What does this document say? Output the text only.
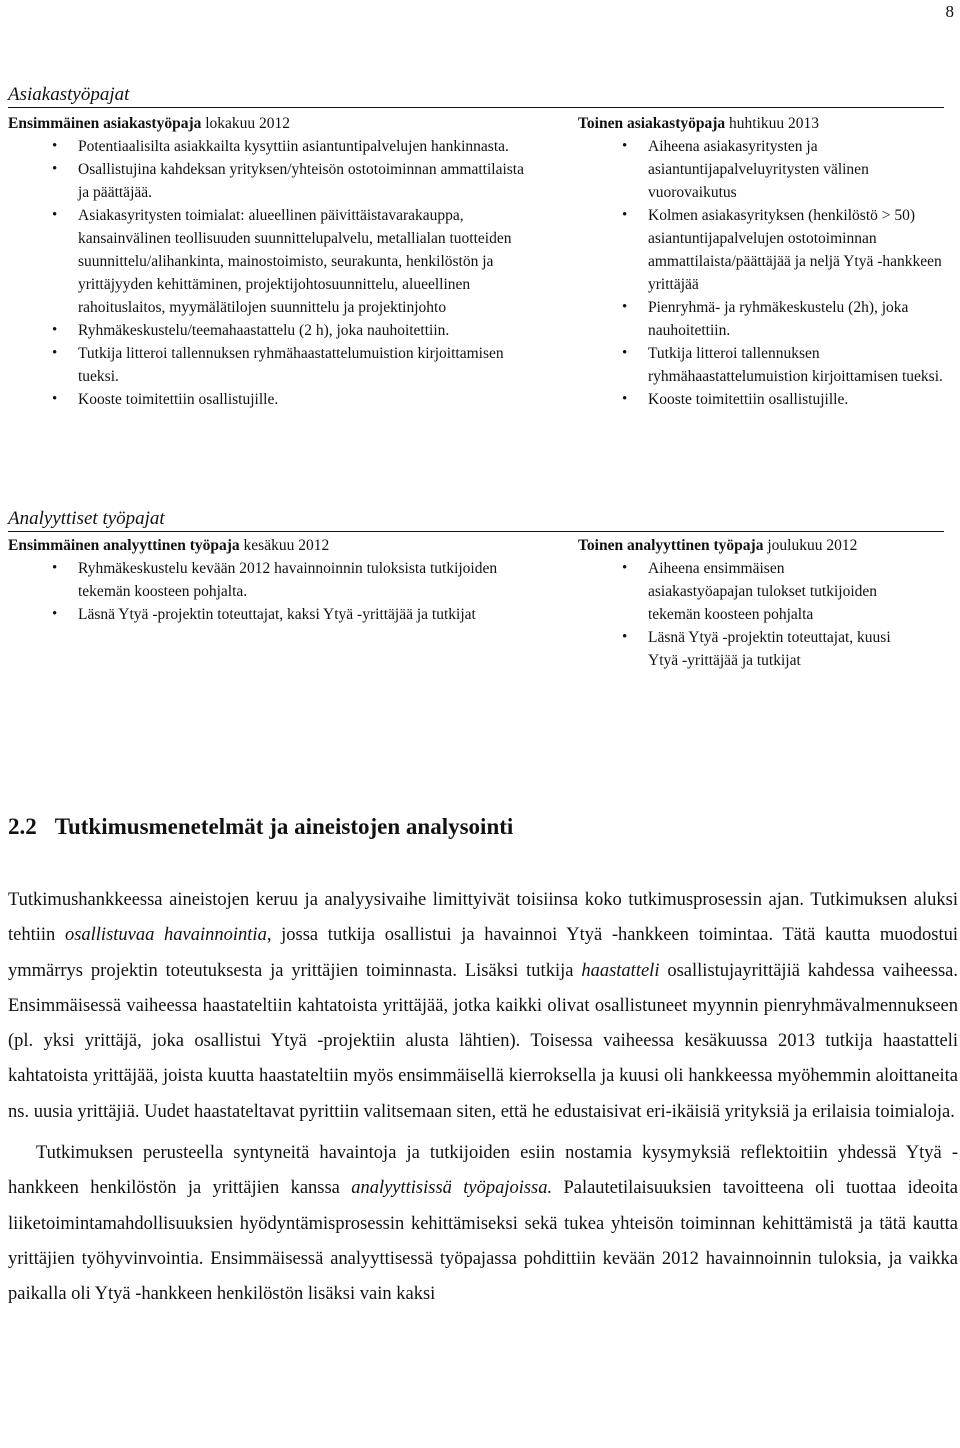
8
Asiakastyöpajat
Ensimmäinen asiakastyöpaja lokakuu 2012
• Potentiaalisilta asiakkailta kysyttiin asiantuntipalvelujen hankinnasta.
• Osallistujina kahdeksan yrityksen/yhteisön ostotoiminnan ammattilaista ja päättäjää.
• Asiakasyritysten toimialat: alueellinen päivittäistavarakauppa, kansainvälinen teollisuuden suunnittelupalvelu, metallialan tuotteiden suunnittelu/alihankinta, mainostoimisto, seurakunta, henkilöstön ja yrittäjyyden kehittäminen, projektijohtosuunnittelu, alueellinen rahoituslaitos, myymälätilojen suunnittelu ja projektinjohto
• Ryhmäkeskustelu/teemahaastattelu (2 h), joka nauhoitettiin.
• Tutkija litteroi tallennuksen ryhmähaastattelumuistion kirjoittamisen tueksi.
• Kooste toimitettiin osallistujille.
Toinen asiakastyöpaja huhtikuu 2013
• Aiheena asiakasyritysten ja asiantuntijapalveluyritysten välinen vuorovaikutus
• Kolmen asiakasyrityksen (henkilöstö > 50) asiantuntijapalvelujen ostotoiminnan ammattilaista/päättäjää ja neljä Ytyä -hankkeen yrittäjää
• Pienryhmä- ja ryhmäkeskustelu (2h), joka nauhoitettiin.
• Tutkija litteroi tallennuksen ryhmähaastattelumuistion kirjoittamisen tueksi.
• Kooste toimitettiin osallistujille.
Analyyttiset työpajat
Ensimmäinen analyyttinen työpaja kesäkuu 2012
• Ryhmäkeskustelu kevään 2012 havainnoinnin tuloksista tutkijoiden tekemän koosteen pohjalta.
• Läsnä Ytyä -projektin toteuttajat, kaksi Ytyä -yrittäjää ja tutkijat
Toinen analyyttinen työpaja joulukuu 2012
• Aiheena ensimmäisen asiakastyöapajan tulokset tutkijoiden tekemän koosteen pohjalta
• Läsnä Ytyä -projektin toteuttajat, kuusi Ytyä -yrittäjää ja tutkijat
2.2 Tutkimusmenetelmät ja aineistojen analysointi

Tutkimushankkeessa aineistojen keruu ja analyysivaihe limittyivät toisiinsa koko tutkimusprosessin ajan. Tutkimuksen aluksi tehtiin osallistuvaa havainnointia, jossa tutkija osallistui ja havainnoi Ytyä -hankkeen toimintaa. Tätä kautta muodostui ymmärrys projektin toteutuksesta ja yrittäjien toiminnasta. Lisäksi tutkija haastatteli osallistujayrittäjiä kahdessa vaiheessa. Ensimmäisessä vaiheessa haastateltiin kahtatoista yrittäjää, jotka kaikki olivat osallistuneet myynnin pienryhmävalmennukseen (pl. yksi yrittäjä, joka osallistui Ytyä -projektiin alusta lähtien). Toisessa vaiheessa kesäkuussa 2013 tutkija haastatteli kahtatoista yrittäjää, joista kuutta haastateltiin myös ensimmäisellä kierroksella ja kuusi oli hankkeessa myöhemmin aloittaneita ns. uusia yrittäjiä. Uudet haastateltavat pyrittiin valitsemaan siten, että he edustaisivat eri-ikäisiä yrityksiä ja erilaisia toimialoja.

Tutkimuksen perusteella syntyneitä havaintoja ja tutkijoiden esiin nostamia kysymyksiä reflektoitiin yhdessä Ytyä -hankkeen henkilöstön ja yrittäjien kanssa analyyttisissä työpajoissa. Palautetilaisuuksien tavoitteena oli tuottaa ideoita liiketoimintamahdollisuuksien hyödyntämisprosessin kehittämiseksi sekä tukea yhteisön toiminnan kehittämistä ja tätä kautta yrittäjien työhyvinvointia. Ensimmäisessä analyyttisessä työpajassa pohdittiin kevään 2012 havainnoinnin tuloksia, ja vaikka paikalla oli Ytyä -hankkeen henkilöstön lisäksi vain kaksi
